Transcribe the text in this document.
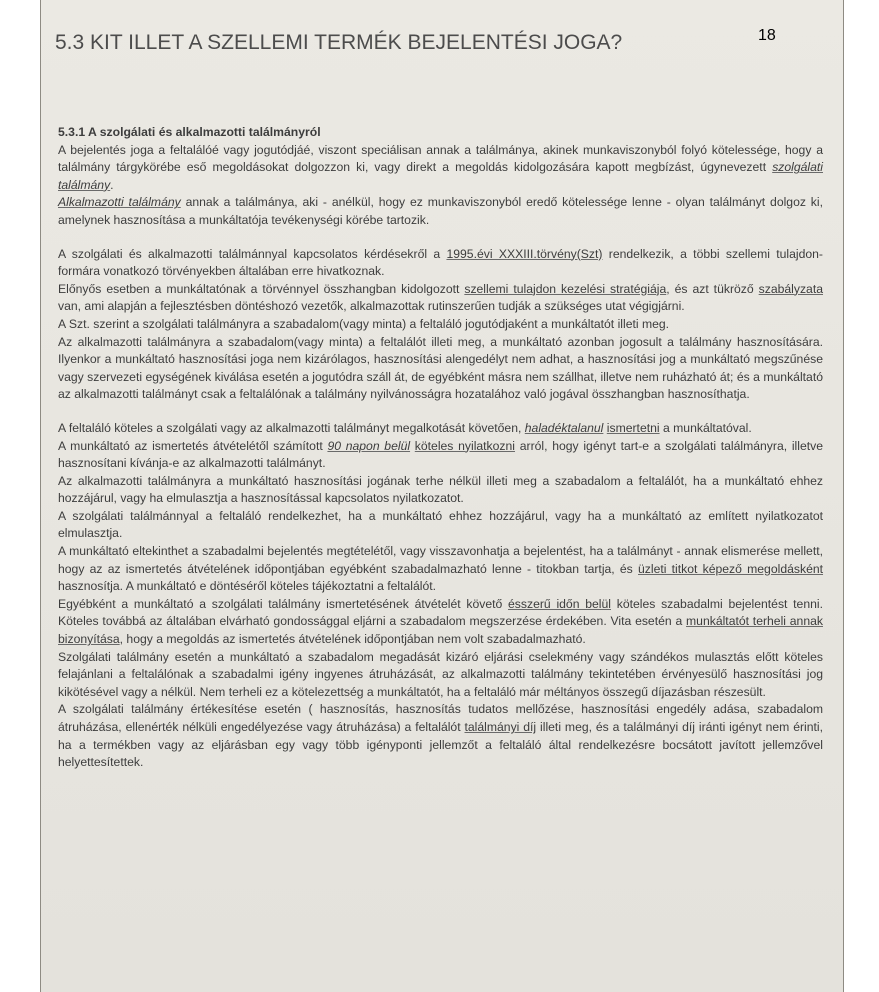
5.3 KIT ILLET A SZELLEMI TERMÉK BEJELENTÉSI JOGA?	18

5.3.1 A szolgálati és alkalmazotti találmányról

A bejelentés joga a feltalálóé vagy jogutódjáé, viszont speciálisan annak a találmánya, akinek munkaviszonyból folyó kötelessége, hogy a találmány tárgykörébe eső megoldásokat dolgozzon ki, vagy direkt a megoldás kidolgozására kapott megbízást, úgynevezett szolgálati találmány.

Alkalmazotti találmány annak a találmánya, aki - anélkül, hogy ez munkaviszonyból eredő kötelessége lenne - olyan találmányt dolgoz ki, amelynek hasznosítása a munkáltatója tevékenységi körébe tartozik.

A szolgálati és alkalmazotti találmánnyal kapcsolatos kérdésekről a 1995.évi XXXIII.törvény(Szt) rendelkezik, a többi szellemi tulajdon-formára vonatkozó törvényekben általában erre hivatkoznak.

Előnyős esetben a munkáltatónak a törvénnyel összhangban kidolgozott szellemi tulajdon kezelési stratégiája, és azt tükröző szabályzata van, ami alapján a fejlesztésben döntéshozó vezetők, alkalmazottak rutinszerűen tudják a szükséges utat végigjárni.

A Szt. szerint a szolgálati találmányra a szabadalom(vagy minta) a feltaláló jogutódjaként a munkáltatót illeti meg.

Az alkalmazotti találmányra a szabadalom(vagy minta) a feltalálót illeti meg, a munkáltató azonban jogosult a találmány hasznosítására. Ilyenkor a munkáltató hasznosítási joga nem kizárólagos, hasznosítási alengedélyt nem adhat, a hasznosítási jog a munkáltató megszűnése vagy szervezeti egységének kiválása esetén a jogutódra száll át, de egyébként másra nem szállhat, illetve nem ruházható át; és a munkáltató az alkalmazotti találmányt csak a feltalálónak a találmány nyilvánosságra hozatalához való jogával összhangban hasznosíthatja.

A feltaláló köteles a szolgálati vagy az alkalmazotti találmányt megalkotását követően, haladéktalanul ismertetni a munkáltatóval.

A munkáltató az ismertetés átvételétől számított 90 napon belül köteles nyilatkozni arról, hogy igényt tart-e a szolgálati találmányra, illetve hasznosítani kívánja-e az alkalmazotti találmányt.

Az alkalmazotti találmányra a munkáltató hasznosítási jogának terhe nélkül illeti meg a szabadalom a feltalálót, ha a munkáltató ehhez hozzájárul, vagy ha elmulasztja a hasznosítással kapcsolatos nyilatkozatot.

A szolgálati találmánnyal a feltaláló rendelkezhet, ha a munkáltató ehhez hozzájárul, vagy ha a munkáltató az említett nyilatkozatot elmulasztja.

A munkáltató eltekinthet a szabadalmi bejelentés megtételétől, vagy visszavonhatja a bejelentést, ha a találmányt - annak elismerése mellett, hogy az az ismertetés átvételének időpontjában egyébként szabadalmazható lenne - titokban tartja, és üzleti titkot képező megoldásként hasznosítja. A munkáltató e döntéséről köteles tájékoztatni a feltalálót.

Egyébként a munkáltató a szolgálati találmány ismertetésének átvételét követő ésszerű időn belül köteles szabadalmi bejelentést tenni. Köteles továbbá az általában elvárható gondossággal eljárni a szabadalom megszerzése érdekében. Vita esetén a munkáltatót terheli annak bizonyítása, hogy a megoldás az ismertetés átvételének időpontjában nem volt szabadalmazható.

Szolgálati találmány esetén a munkáltató a szabadalom megadását kizáró eljárási cselekmény vagy szándékos mulasztás előtt köteles felajánlani a feltalálónak a szabadalmi igény ingyenes átruházását, az alkalmazotti találmány tekintetében érvényesülő hasznosítási jog kikötésével vagy a nélkül. Nem terheli ez a kötelezettség a munkáltatót, ha a feltaláló már méltányos összegű díjazásban részesült.

A szolgálati találmány értékesítése esetén ( hasznosítás, hasznosítás tudatos mellőzése, hasznosítási engedély adása, szabadalom átruházása, ellenérték nélküli engedélyezése vagy átruházása) a feltalálót találmányi díj illeti meg, és a találmányi díj iránti igényt nem érinti, ha a termékben vagy az eljárásban egy vagy több igényponti jellemzőt a feltaláló által rendelkezésre bocsátott javított jellemzővel helyettesítettek.
